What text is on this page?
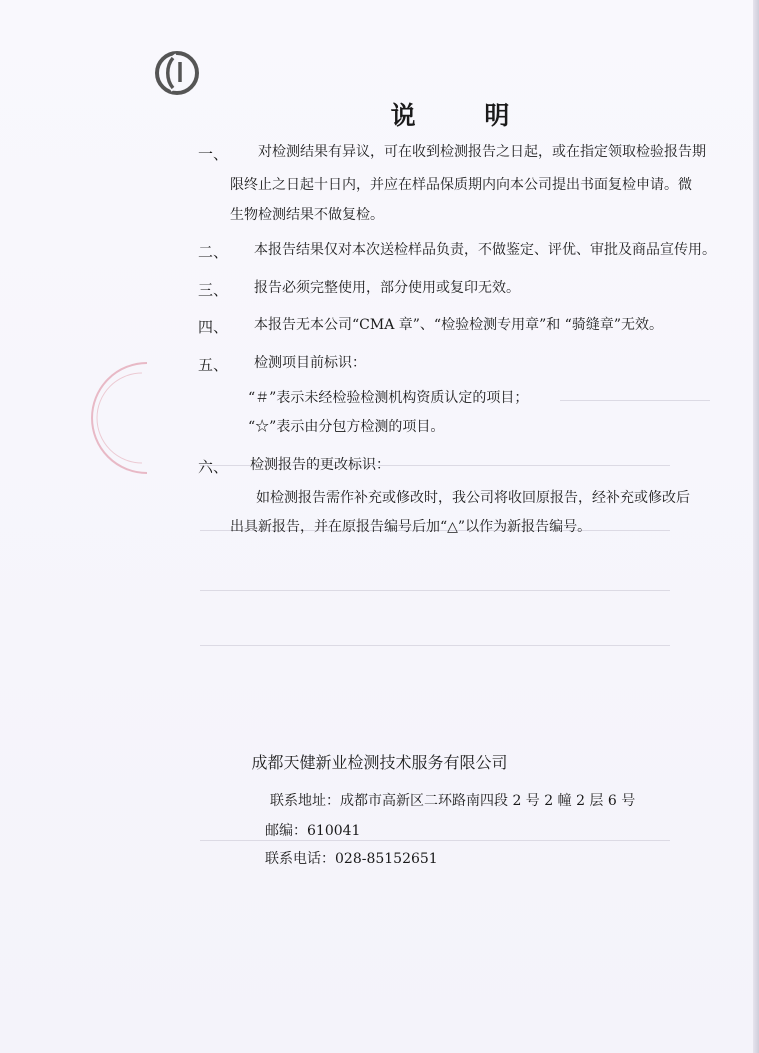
说 明
一、 对检测结果有异议，可在收到检测报告之日起，或在指定领取检验报告期
限终止之日起十日内，并应在样品保质期内向本公司提出书面复检申请。微
生物检测结果不做复检。
二、 本报告结果仅对本次送检样品负责，不做鉴定、评优、审批及商品宣传用。
三、 报告必须完整使用，部分使用或复印无效。
四、 本报告无本公司“CMA 章”、“检验检测专用章”和 “骑缝章”无效。
五、 检测项目前标识：
“＃”表示未经检验检测机构资质认定的项目；
“☆”表示由分包方检测的项目。
六、 检测报告的更改标识：
如检测报告需作补充或修改时，我公司将收回原报告，经补充或修改后
出具新报告，并在原报告编号后加“△”以作为新报告编号。
成都天健新业检测技术服务有限公司
联系地址：成都市高新区二环路南四段 2 号 2 幢 2 层 6 号
邮编：610041
联系电话：028-85152651
